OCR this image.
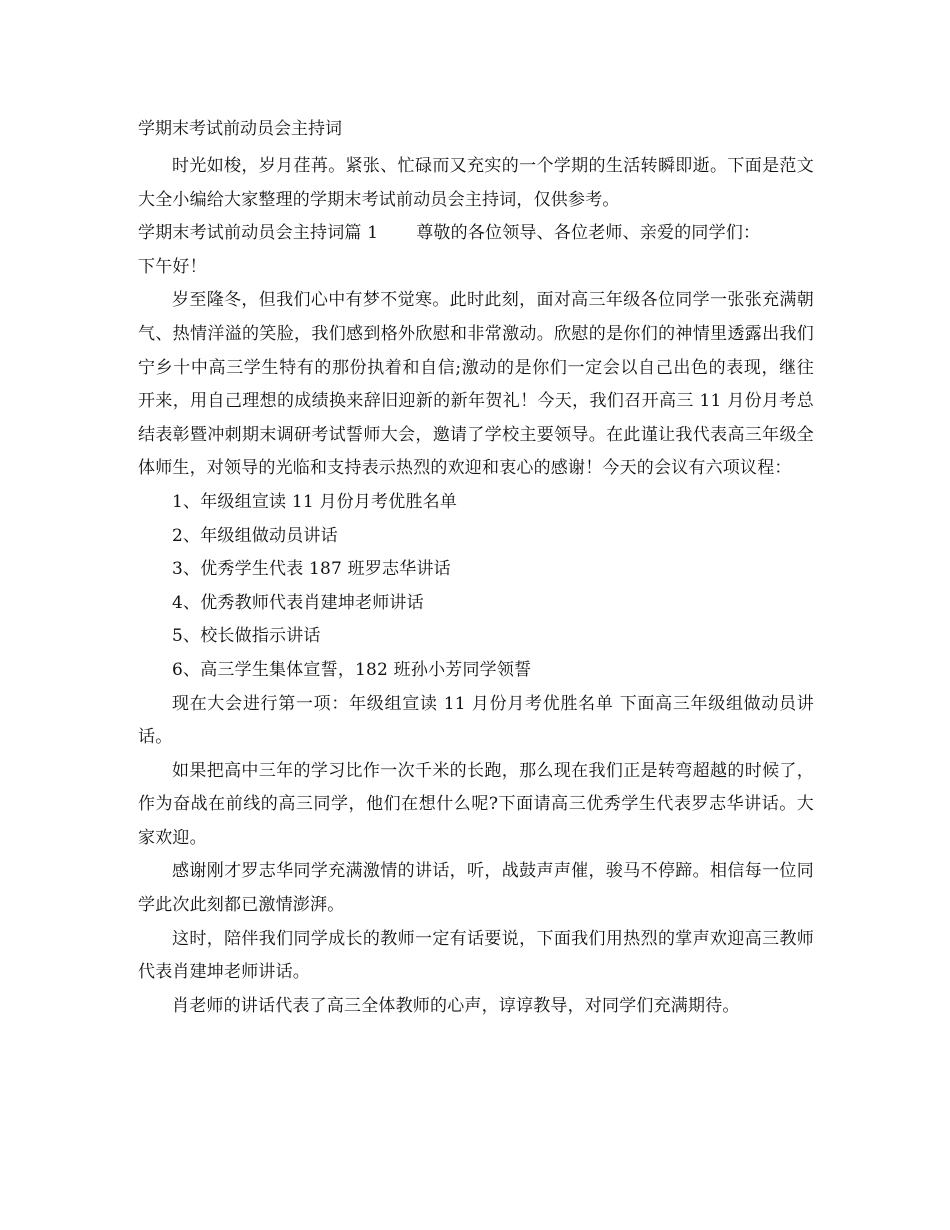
学期末考试前动员会主持词

时光如梭，岁月荏苒。紧张、忙碌而又充实的一个学期的生活转瞬即逝。下面是范文大全小编给大家整理的学期末考试前动员会主持词，仅供参考。

学期末考试前动员会主持词篇 1 尊敬的各位领导、各位老师、亲爱的同学们：

下午好！

岁至隆冬，但我们心中有梦不觉寒。此时此刻，面对高三年级各位同学一张张充满朝气、热情洋溢的笑脸，我们感到格外欣慰和非常激动。欣慰的是你们的神情里透露出我们宁乡十中高三学生特有的那份执着和自信;激动的是你们一定会以自己出色的表现，继往开来，用自己理想的成绩换来辞旧迎新的新年贺礼！今天，我们召开高三 11 月份月考总结表彰暨冲刺期末调研考试誓师大会，邀请了学校主要领导。在此谨让我代表高三年级全体师生，对领导的光临和支持表示热烈的欢迎和衷心的感谢！今天的会议有六项议程：

1、年级组宣读 11 月份月考优胜名单

2、年级组做动员讲话

3、优秀学生代表 187 班罗志华讲话

4、优秀教师代表肖建坤老师讲话

5、校长做指示讲话

6、高三学生集体宣誓，182 班孙小芳同学领誓

现在大会进行第一项：年级组宣读 11 月份月考优胜名单 下面高三年级组做动员讲话。

如果把高中三年的学习比作一次千米的长跑，那么现在我们正是转弯超越的时候了，作为奋战在前线的高三同学，他们在想什么呢?下面请高三优秀学生代表罗志华讲话。大家欢迎。

感谢刚才罗志华同学充满激情的讲话，听，战鼓声声催，骏马不停蹄。相信每一位同学此次此刻都已激情澎湃。

这时，陪伴我们同学成长的教师一定有话要说，下面我们用热烈的掌声欢迎高三教师代表肖建坤老师讲话。

肖老师的讲话代表了高三全体教师的心声，谆谆教导，对同学们充满期待。
